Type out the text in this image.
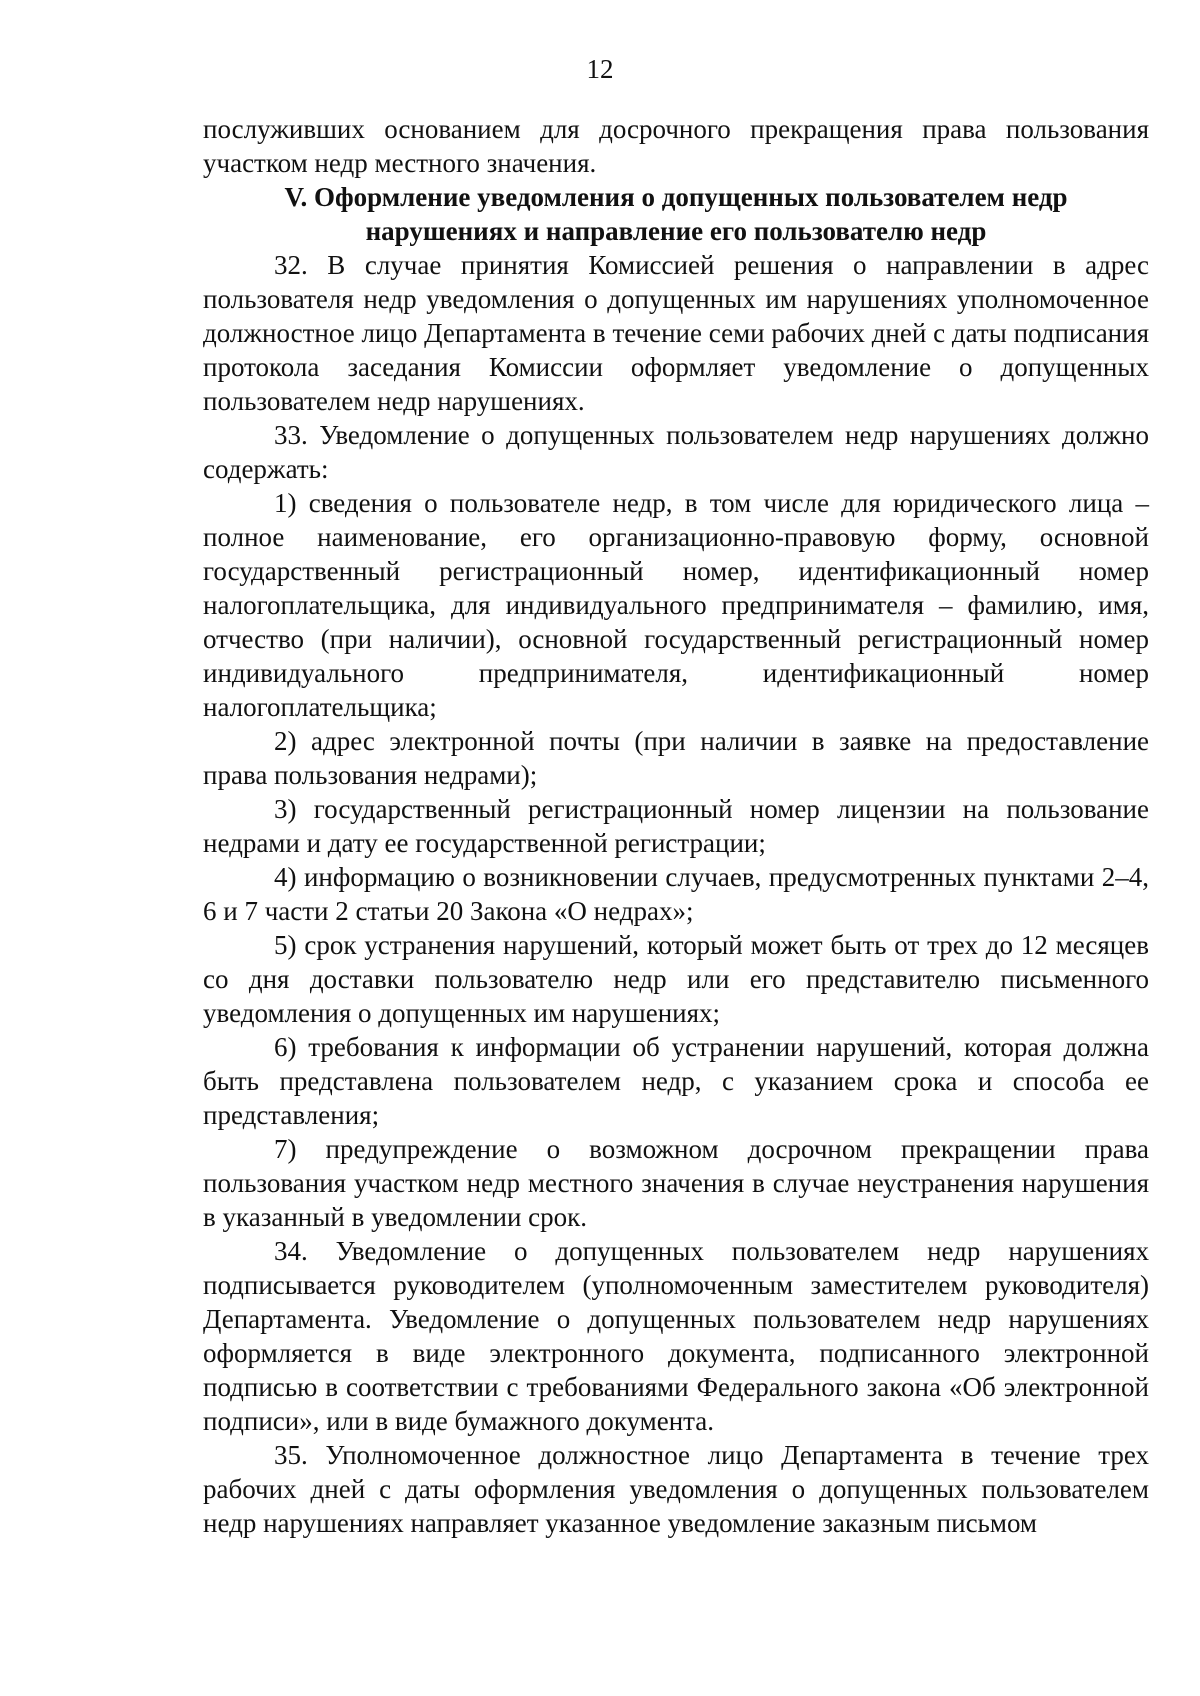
12

послуживших основанием для досрочного прекращения права пользования участком недр местного значения.

V. Оформление уведомления о допущенных пользователем недр нарушениях и направление его пользователю недр

32. В случае принятия Комиссией решения о направлении в адрес пользователя недр уведомления о допущенных им нарушениях уполномоченное должностное лицо Департамента в течение семи рабочих дней с даты подписания протокола заседания Комиссии оформляет уведомление о допущенных пользователем недр нарушениях.

33. Уведомление о допущенных пользователем недр нарушениях должно содержать:

1) сведения о пользователе недр, в том числе для юридического лица – полное наименование, его организационно-правовую форму, основной государственный регистрационный номер, идентификационный номер налогоплательщика, для индивидуального предпринимателя – фамилию, имя, отчество (при наличии), основной государственный регистрационный номер индивидуального предпринимателя, идентификационный номер налогоплательщика;

2) адрес электронной почты (при наличии в заявке на предоставление права пользования недрами);

3) государственный регистрационный номер лицензии на пользование недрами и дату ее государственной регистрации;

4) информацию о возникновении случаев, предусмотренных пунктами 2–4, 6 и 7 части 2 статьи 20 Закона «О недрах»;

5) срок устранения нарушений, который может быть от трех до 12 месяцев со дня доставки пользователю недр или его представителю письменного уведомления о допущенных им нарушениях;

6) требования к информации об устранении нарушений, которая должна быть представлена пользователем недр, с указанием срока и способа ее представления;

7) предупреждение о возможном досрочном прекращении права пользования участком недр местного значения в случае неустранения нарушения в указанный в уведомлении срок.

34. Уведомление о допущенных пользователем недр нарушениях подписывается руководителем (уполномоченным заместителем руководителя) Департамента. Уведомление о допущенных пользователем недр нарушениях оформляется в виде электронного документа, подписанного электронной подписью в соответствии с требованиями Федерального закона «Об электронной подписи», или в виде бумажного документа.

35. Уполномоченное должностное лицо Департамента в течение трех рабочих дней с даты оформления уведомления о допущенных пользователем недр нарушениях направляет указанное уведомление заказным письмом
